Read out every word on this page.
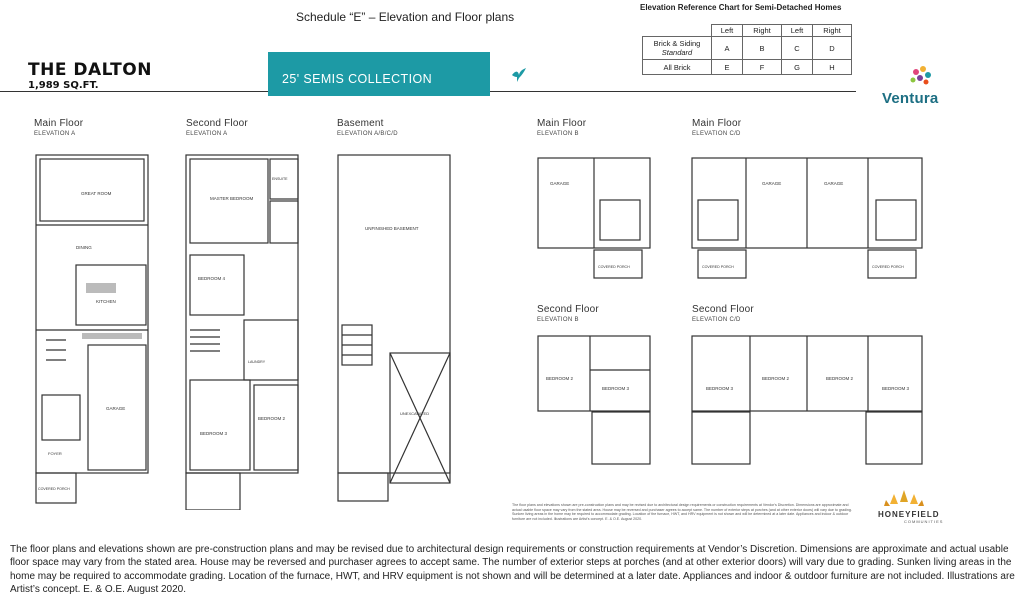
Schedule “E” – Elevation and Floor plans
Elevation Reference Chart for Semi-Detached Homes
	Left	Right	Left	Right

Brick & Siding
Standard	A	B	C	D
All Brick	E	F	G	H
THE DALTON
1,989 SQ.FT.	25' SEMIS COLLECTION
Ventura
Main Floor
ELEVATION A
Second Floor
ELEVATION A
Basement
ELEVATION A/B/C/D
Main Floor
ELEVATION B
Main Floor
ELEVATION C/D
Second Floor
ELEVATION B
Second Floor
ELEVATION C/D
GREAT ROOM
DINING
KITCHEN
GARAGE
FOYER
COVERED PORCH
MASTER BEDROOM
ENSUITE
BEDROOM 4
LAUNDRY
BEDROOM 3
BEDROOM 2
UNFINISHED BASEMENT
UNEXCAVATED
GARAGE
COVERED PORCH
GARAGE	GARAGE
COVERED PORCH	COVERED PORCH
BEDROOM 2
BEDROOM 3	BEDROOM 3
BEDROOM 2	BEDROOM 2
BEDROOM 3
The floor plans and elevations shown are pre-construction plans and may be revised due to architectural design requirements or construction requirements at Vendor's Discretion. Dimensions are approximate and actual usable floor space may vary from the stated area. House may be reversed and purchaser agrees to accept same. The number of exterior steps at porches (and at other exterior doors) will vary due to grading. Sunken living areas in the home may be required to accommodate grading. Location of the furnace, HWT, and HRV equipment is not shown and will be determined at a later date. Appliances and indoor & outdoor furniture are not included. Illustrations are Artist's concept. E. & O.E. August 2020.	HONEYFIELD
COMMUNITIES
The floor plans and elevations shown are pre-construction plans and may be revised due to architectural design requirements or construction requirements at Vendor’s Discretion. Dimensions are approximate and actual usable floor space may vary from the stated area. House may be reversed and purchaser agrees to accept same. The number of exterior steps at porches (and at other exterior doors) will vary due to grading. Sunken living areas in the home may be required to accommodate grading. Location of the furnace, HWT, and HRV equipment is not shown and will be determined at a later date. Appliances and indoor & outdoor furniture are not included. Illustrations are Artist’s concept. E. & O.E. August 2020.
